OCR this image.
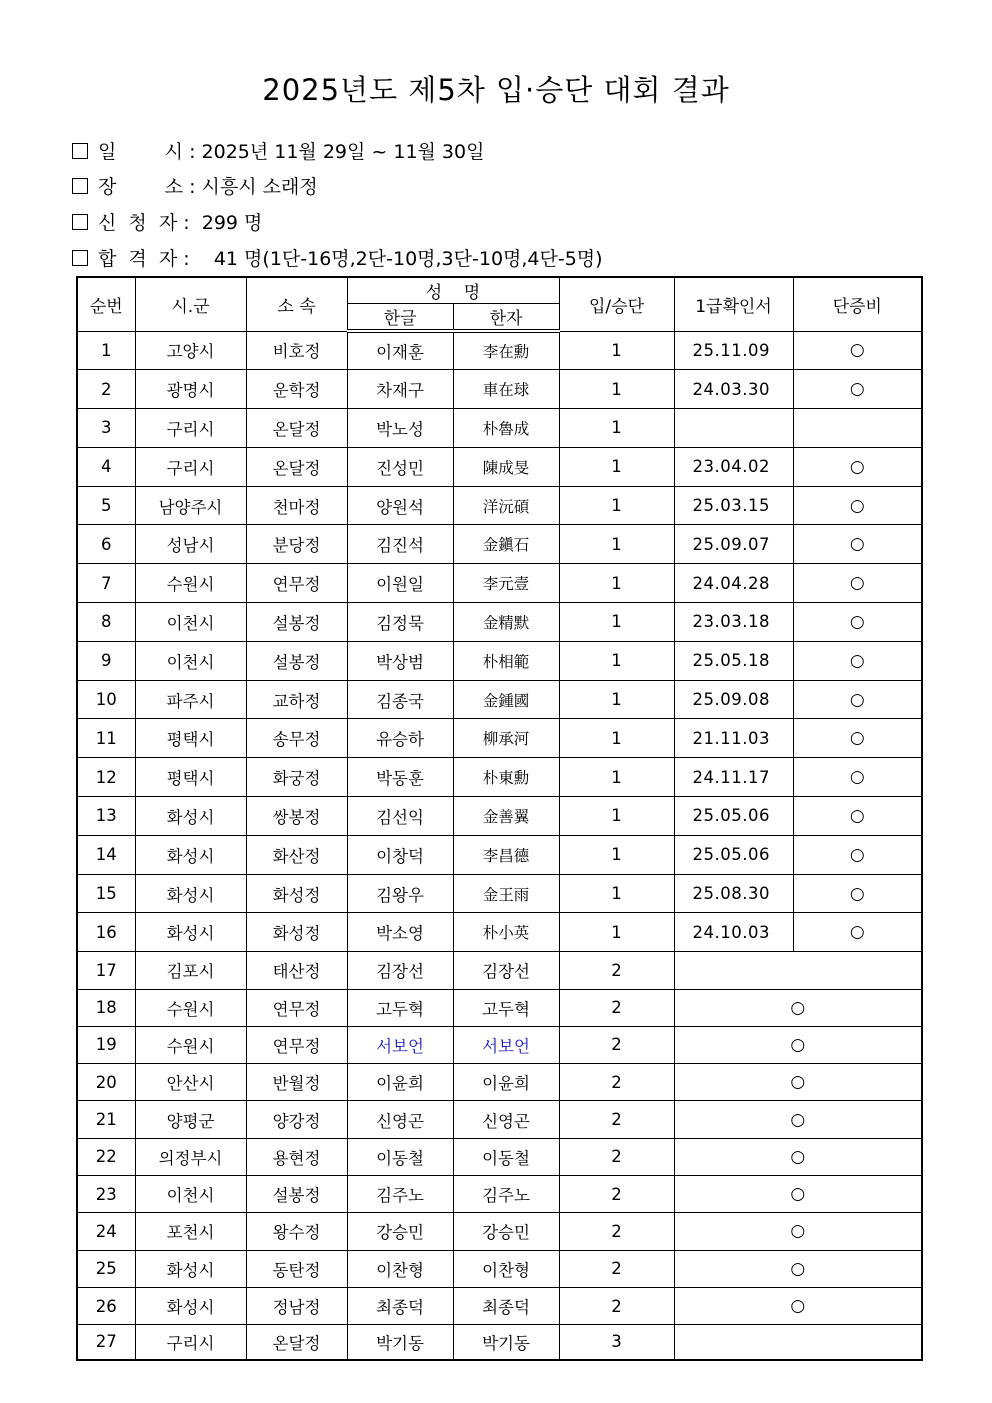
2025년도 제5차 입·승단 대회 결과
일        시 : 2025년 11월 29일 ~ 11월 30일
장        소 : 시흥시 소래정
신  청  자 :  299 명
합  격  자 :    41 명(1단-16명,2단-10명,3단-10명,4단-5명)
순번	시.군	소 속	성    명		입/승단	1급확인서	단증비
			한글	한자			
1	고양시	비호정	이재훈	李在勳	1	25.11.09	○
2	광명시	운학정	차재구	車在球	1	24.03.30	○
3	구리시	온달정	박노성	朴魯成	1		
4	구리시	온달정	진성민	陳成旻	1	23.04.02	○
5	남양주시	천마정	양원석	洋沅碩	1	25.03.15	○
6	성남시	분당정	김진석	金鎭石	1	25.09.07	○
7	수원시	연무정	이원일	李元壹	1	24.04.28	○
8	이천시	설봉정	김정묵	金精默	1	23.03.18	○
9	이천시	설봉정	박상범	朴相範	1	25.05.18	○
10	파주시	교하정	김종국	金鍾國	1	25.09.08	○
11	평택시	송무정	유승하	柳承河	1	21.11.03	○
12	평택시	화궁정	박동훈	朴東勳	1	24.11.17	○
13	화성시	쌍봉정	김선익	金善翼	1	25.05.06	○
14	화성시	화산정	이창덕	李昌德	1	25.05.06	○
15	화성시	화성정	김왕우	金王雨	1	25.08.30	○
16	화성시	화성정	박소영	朴小英	1	24.10.03	○
17	김포시	태산정	김장선	김장선	2		
18	수원시	연무정	고두혁	고두혁	2	○	
19	수원시	연무정	서보언	서보언	2	○	
20	안산시	반월정	이윤희	이윤희	2	○	
21	양평군	양강정	신영곤	신영곤	2	○	
22	의정부시	용현정	이동철	이동철	2	○	
23	이천시	설봉정	김주노	김주노	2	○	
24	포천시	왕수정	강승민	강승민	2	○	
25	화성시	동탄정	이찬형	이찬형	2	○	
26	화성시	정남정	최종덕	최종덕	2	○	
27	구리시	온달정	박기동	박기동	3		
